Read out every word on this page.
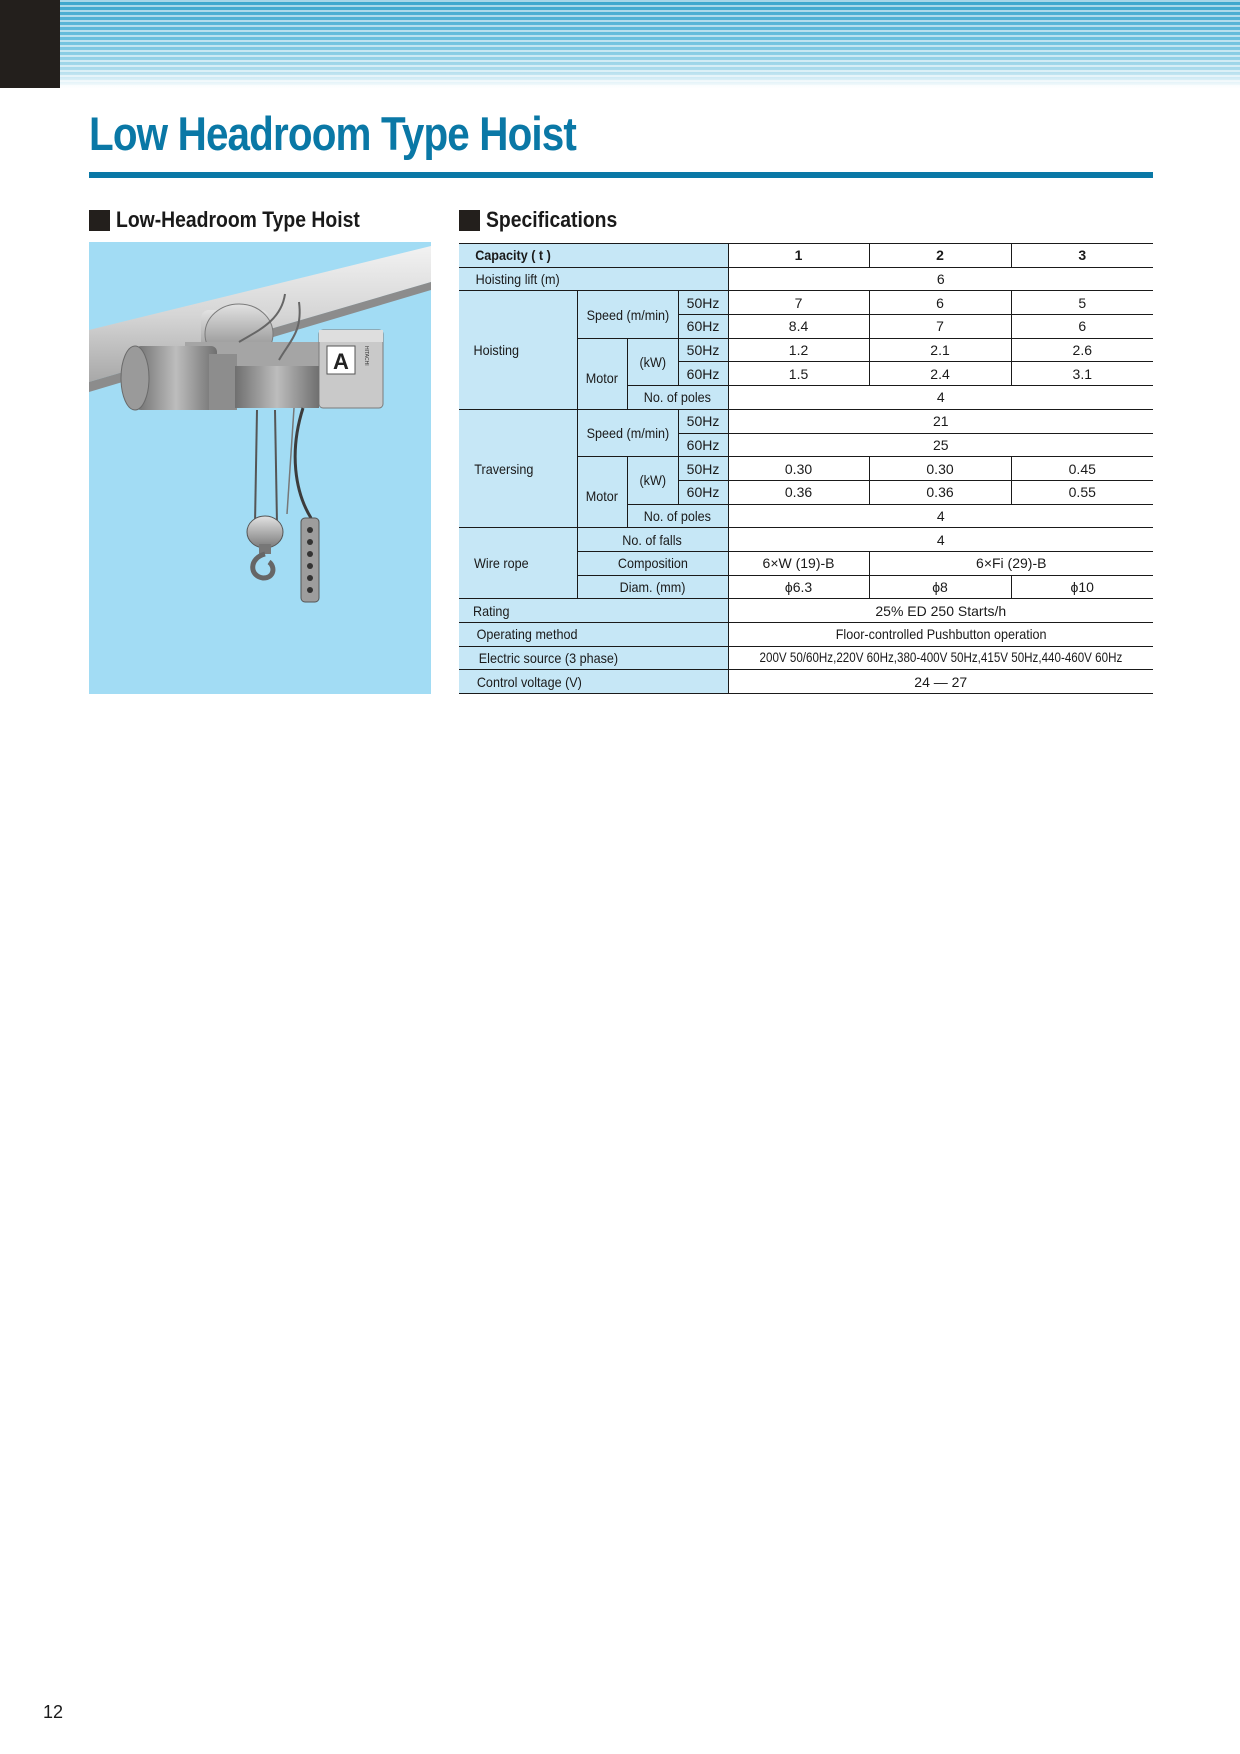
Low Headroom Type Hoist
Low-Headroom Type Hoist	Specifications
A	HITACHI
Capacity ( t )				1	2	3
Hoisting lift (m)				6		
Hoisting	Speed (m/min)		50Hz	7	6	5
			60Hz	8.4	7	6
	Motor	(kW)	50Hz	1.2	2.1	2.6
			60Hz	1.5	2.4	3.1
		No. of poles		4		
Traversing	Speed (m/min)		50Hz	21		
			60Hz	25		
	Motor	(kW)	50Hz	0.30	0.30	0.45
			60Hz	0.36	0.36	0.55
		No. of poles		4		
Wire rope	No. of falls			4		
	Composition			6×W (19)-B	6×Fi (29)-B	
	Diam. (mm)			ϕ6.3	ϕ8	ϕ10
Rating				25% ED 250 Starts/h		
Operating method				Floor-controlled Pushbutton operation		
Electric source (3 phase)				200V 50/60Hz,220V 60Hz,380-400V 50Hz,415V 50Hz,440-460V 60Hz		
Control voltage (V)				24 — 27		
12
